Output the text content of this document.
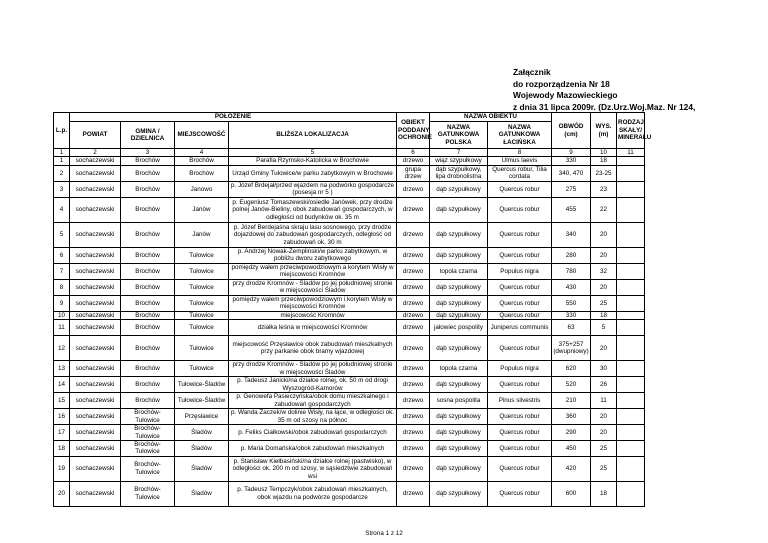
Załącznik
do rozporządzenia Nr 18
Wojewody Mazowieckiego
z dnia 31 lipca 2009r. (Dz.Urz.Woj.Maz. Nr 124,
L.p.	POŁOŻENIE				OBIEKT PODDANY OCHRONIE	NAZWA OBIEKTU		OBWÓD (cm)	WYS. (m)	RODZAJ SKAŁY/ MINERAŁU	
	POWIAT	GMINA / DZIELNICA	MIEJSCOWOŚĆ	BLIŻSZA LOKALIZACJA		NAZWA GATUNKOWA POLSKA	NAZWA GATUNKOWA ŁACIŃSKA				
1	2	3	4	5	6	7	8	9	10	11	
1	sochaczewski	Brochów	Brochów	Parafia Rzymsko-Katolicka w Brochowie	drzewo	wiąz szypułkowy	Ulmus laevis	330	18		
2	sochaczewski	Brochów	Brochów	Urząd Gminy Tułowice/w parku zabytkowym w Brochowie	grupa drzew	dąb szypułkowy, lipa drobnolistna	Quercus robur, Tilia cordata	340, 470	23-25		
3	sochaczewski	Brochów	Janowo	p. Józef Brdejał/przed wjazdem na podwórko gospodarcze (posesja nr 5 )	drzewo	dąb szypułkowy	Quercus robur	275	23		
4	sochaczewski	Brochów	Janów	p. Eugeniusz Tomaszewski/osiedle Janówek, przy drodze polnej Janów-Bieliny, obok zabudowań gospodarczych, w odległości od budynków ok. 35 m	drzewo	dąb szypułkowy	Quercus robur	455	22		
5	sochaczewski	Brochów	Janów	p. Józef Berdejaśna skraju lasu sosnowego, przy drodze dojazdowej do zabudowań gospodarczych, odległość od zabudowań ok. 30 m	drzewo	dąb szypułkowy	Quercus robur	340	20		
6	sochaczewski	Brochów	Tułowice	p. Andrzej Nowak-Zemplinski/w parku zabytkowym, w pobliżu dworu zabytkowego	drzewo	dąb szypułkowy	Quercus robur	280	20		
7	sochaczewski	Brochów	Tułowice	pomiędzy wałem przeciwpowodziowym a korytem Wisły w miejscowości Kromnów	drzewo	topola czarna	Populus nigra	780	32		
8	sochaczewski	Brochów	Tułowice	przy drodze Kromnów - Śladów po jej południowej stronie w miejscowości Śladów	drzewo	dąb szypułkowy	Quercus robur	430	20		
9	sochaczewski	Brochów	Tułowice	pomiędzy wałem przeciwpowodziowym i korytem Wisły w miejscowości Kromnów	drzewo	dąb szypułkowy	Quercus robur	550	25		
10	sochaczewski	Brochów	Tułowice	miejscowość Kromnów	drzewo	dąb szypułkowy	Quercus robur	330	18		
11	sochaczewski	Brochów	Tułowice	działka leśna w miejscowości Kromnów	drzewo	jałowiec pospolity	Juniperus communis	63	5		
12	sochaczewski	Brochów	Tułowice	miejscowość Przęsławice obok zabudowań mieszkalnych przy parkanie obok bramy wjazdowej	drzewo	dąb szypułkowy	Quercus robur	375+257 (dwupniowy)	20		
13	sochaczewski	Brochów	Tułowice	przy drodze Kromnów - Śladów po jej południowej stronie w miejscowości Śladów	drzewo	topola czarna	Populus nigra	620	30		
14	sochaczewski	Brochów	Tułowice-Śladów	p. Tadeusz Janicki/na działce rolnej, ok. 50 m od drogi Wyszogród-Kamorów	drzewo	dąb szypułkowy	Quercus robur	520	26		
15	sochaczewski	Brochów	Tułowice-Śladów	p. Genowefa Pasieczyńska/obok domu mieszkalnego i zabudowań gospodarczych	drzewo	sosna pospolita	Pinus silvestris	210	11		
16	sochaczewski	Brochów-Tułowice	Przęsławice	p. Wanda Żaczek/w dolinie Wisły, na łące, w odległości ok. 35 m od szosy na północ	drzewo	dąb szypułkowy	Quercus robur	360	20		
17	sochaczewski	Brochów-Tułowice	Śladów	p. Feliks Ciałkowski/obok zabudowań gospodarczych	drzewo	dąb szypułkowy	Quercus robur	290	20		
18	sochaczewski	Brochów-Tułowice	Śladów	p. Maria Domańska/obok zabudowań mieszkalnych	drzewo	dąb szypułkowy	Quercus robur	450	25		
19	sochaczewski	Brochów-Tułowice	Śladów	p. Stanisław Kiełbasiński/na działce rolnej (pastwisko), w odległości ok. 200 m od szosy, w sąsiedztwie zabudowań wsi	drzewo	dąb szypułkowy	Quercus robur	420	25		
20	sochaczewski	Brochów-Tułowice	Śladów	p. Tadeusz Tempczyk/obok zabudowań mieszkalnych, obok wjazdu na podwórze gospodarcze	drzewo	dąb szypułkowy	Quercus robur	600	18		
Strona 1 z 12
